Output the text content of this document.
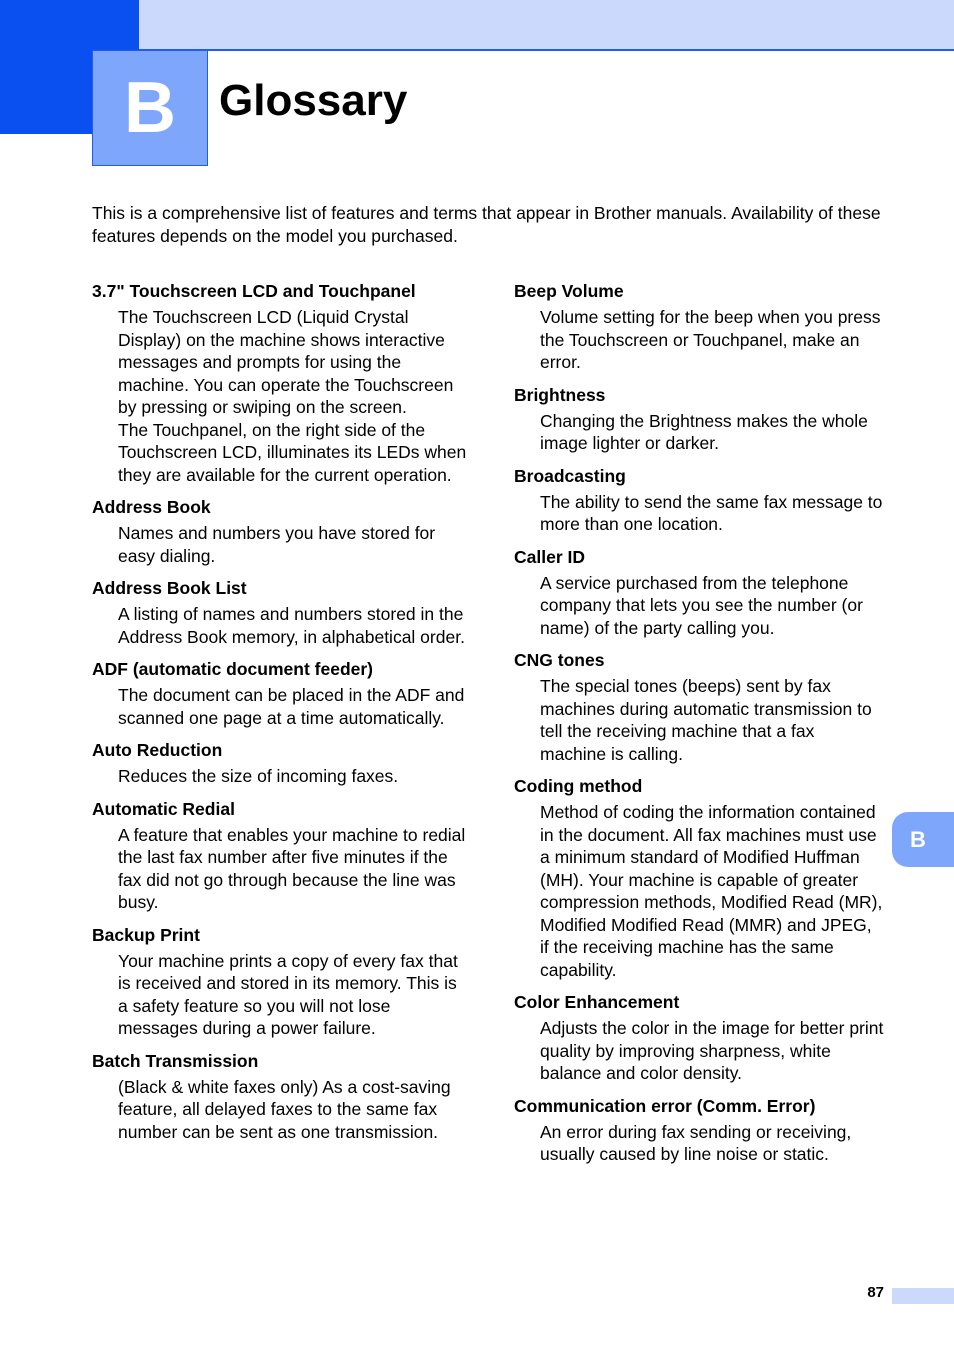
B Glossary

This is a comprehensive list of features and terms that appear in Brother manuals. Availability of these features depends on the model you purchased.

3.7" Touchscreen LCD and Touchpanel
The Touchscreen LCD (Liquid Crystal Display) on the machine shows interactive messages and prompts for using the machine. You can operate the Touchscreen by pressing or swiping on the screen.
The Touchpanel, on the right side of the Touchscreen LCD, illuminates its LEDs when they are available for the current operation.
Address Book
Names and numbers you have stored for easy dialing.
Address Book List
A listing of names and numbers stored in the Address Book memory, in alphabetical order.
ADF (automatic document feeder)
The document can be placed in the ADF and scanned one page at a time automatically.
Auto Reduction
Reduces the size of incoming faxes.
Automatic Redial
A feature that enables your machine to redial the last fax number after five minutes if the fax did not go through because the line was busy.
Backup Print
Your machine prints a copy of every fax that is received and stored in its memory. This is a safety feature so you will not lose messages during a power failure.
Batch Transmission
(Black & white faxes only) As a cost-saving feature, all delayed faxes to the same fax number can be sent as one transmission.
Beep Volume
Volume setting for the beep when you press the Touchscreen or Touchpanel, make an error.
Brightness
Changing the Brightness makes the whole image lighter or darker.
Broadcasting
The ability to send the same fax message to more than one location.
Caller ID
A service purchased from the telephone company that lets you see the number (or name) of the party calling you.
CNG tones
The special tones (beeps) sent by fax machines during automatic transmission to tell the receiving machine that a fax machine is calling.
Coding method
Method of coding the information contained in the document. All fax machines must use a minimum standard of Modified Huffman (MH). Your machine is capable of greater compression methods, Modified Read (MR), Modified Modified Read (MMR) and JPEG, if the receiving machine has the same capability.
Color Enhancement
Adjusts the color in the image for better print quality by improving sharpness, white balance and color density.
Communication error (Comm. Error)
An error during fax sending or receiving, usually caused by line noise or static.
B
87
